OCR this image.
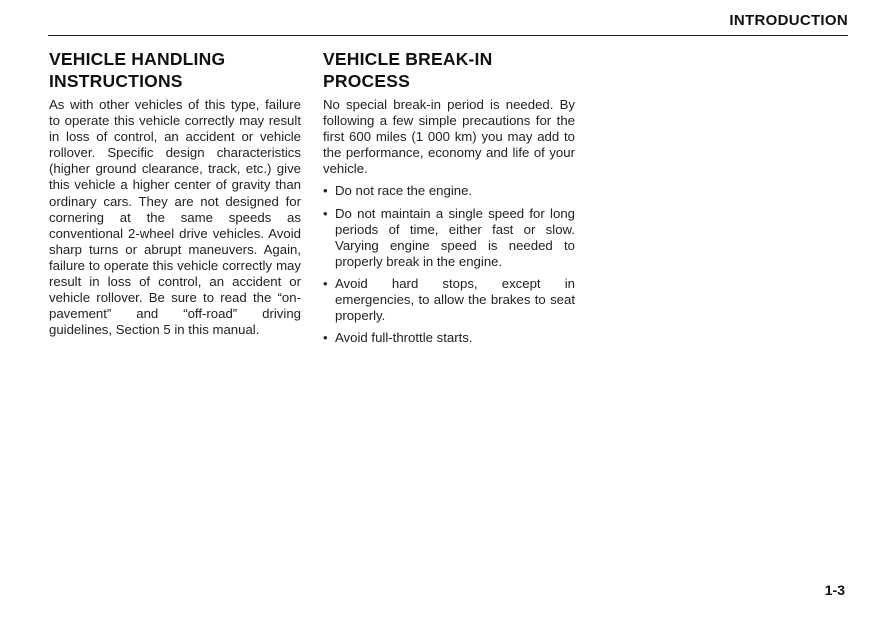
INTRODUCTION
VEHICLE HANDLING
INSTRUCTIONS

As with other vehicles of this type, failure to operate this vehicle correctly may result in loss of control, an accident or vehicle rollover. Specific design characteristics (higher ground clearance, track, etc.) give this vehicle a higher center of gravity than ordinary cars. They are not designed for cornering at the same speeds as conventional 2-wheel drive vehicles. Avoid sharp turns or abrupt maneuvers. Again, failure to operate this vehicle correctly may result in loss of control, an accident or vehicle rollover. Be sure to read the “on-pavement” and “off-road” driving guidelines, Section 5 in this manual.

VEHICLE BREAK-IN
PROCESS

No special break-in period is needed. By following a few simple precautions for the first 600 miles (1 000 km) you may add to the performance, economy and life of your vehicle.

• Do not race the engine.
• Do not maintain a single speed for long periods of time, either fast or slow. Varying engine speed is needed to properly break in the engine.
• Avoid hard stops, except in emergencies, to allow the brakes to seat properly.
• Avoid full-throttle starts.
1-3
